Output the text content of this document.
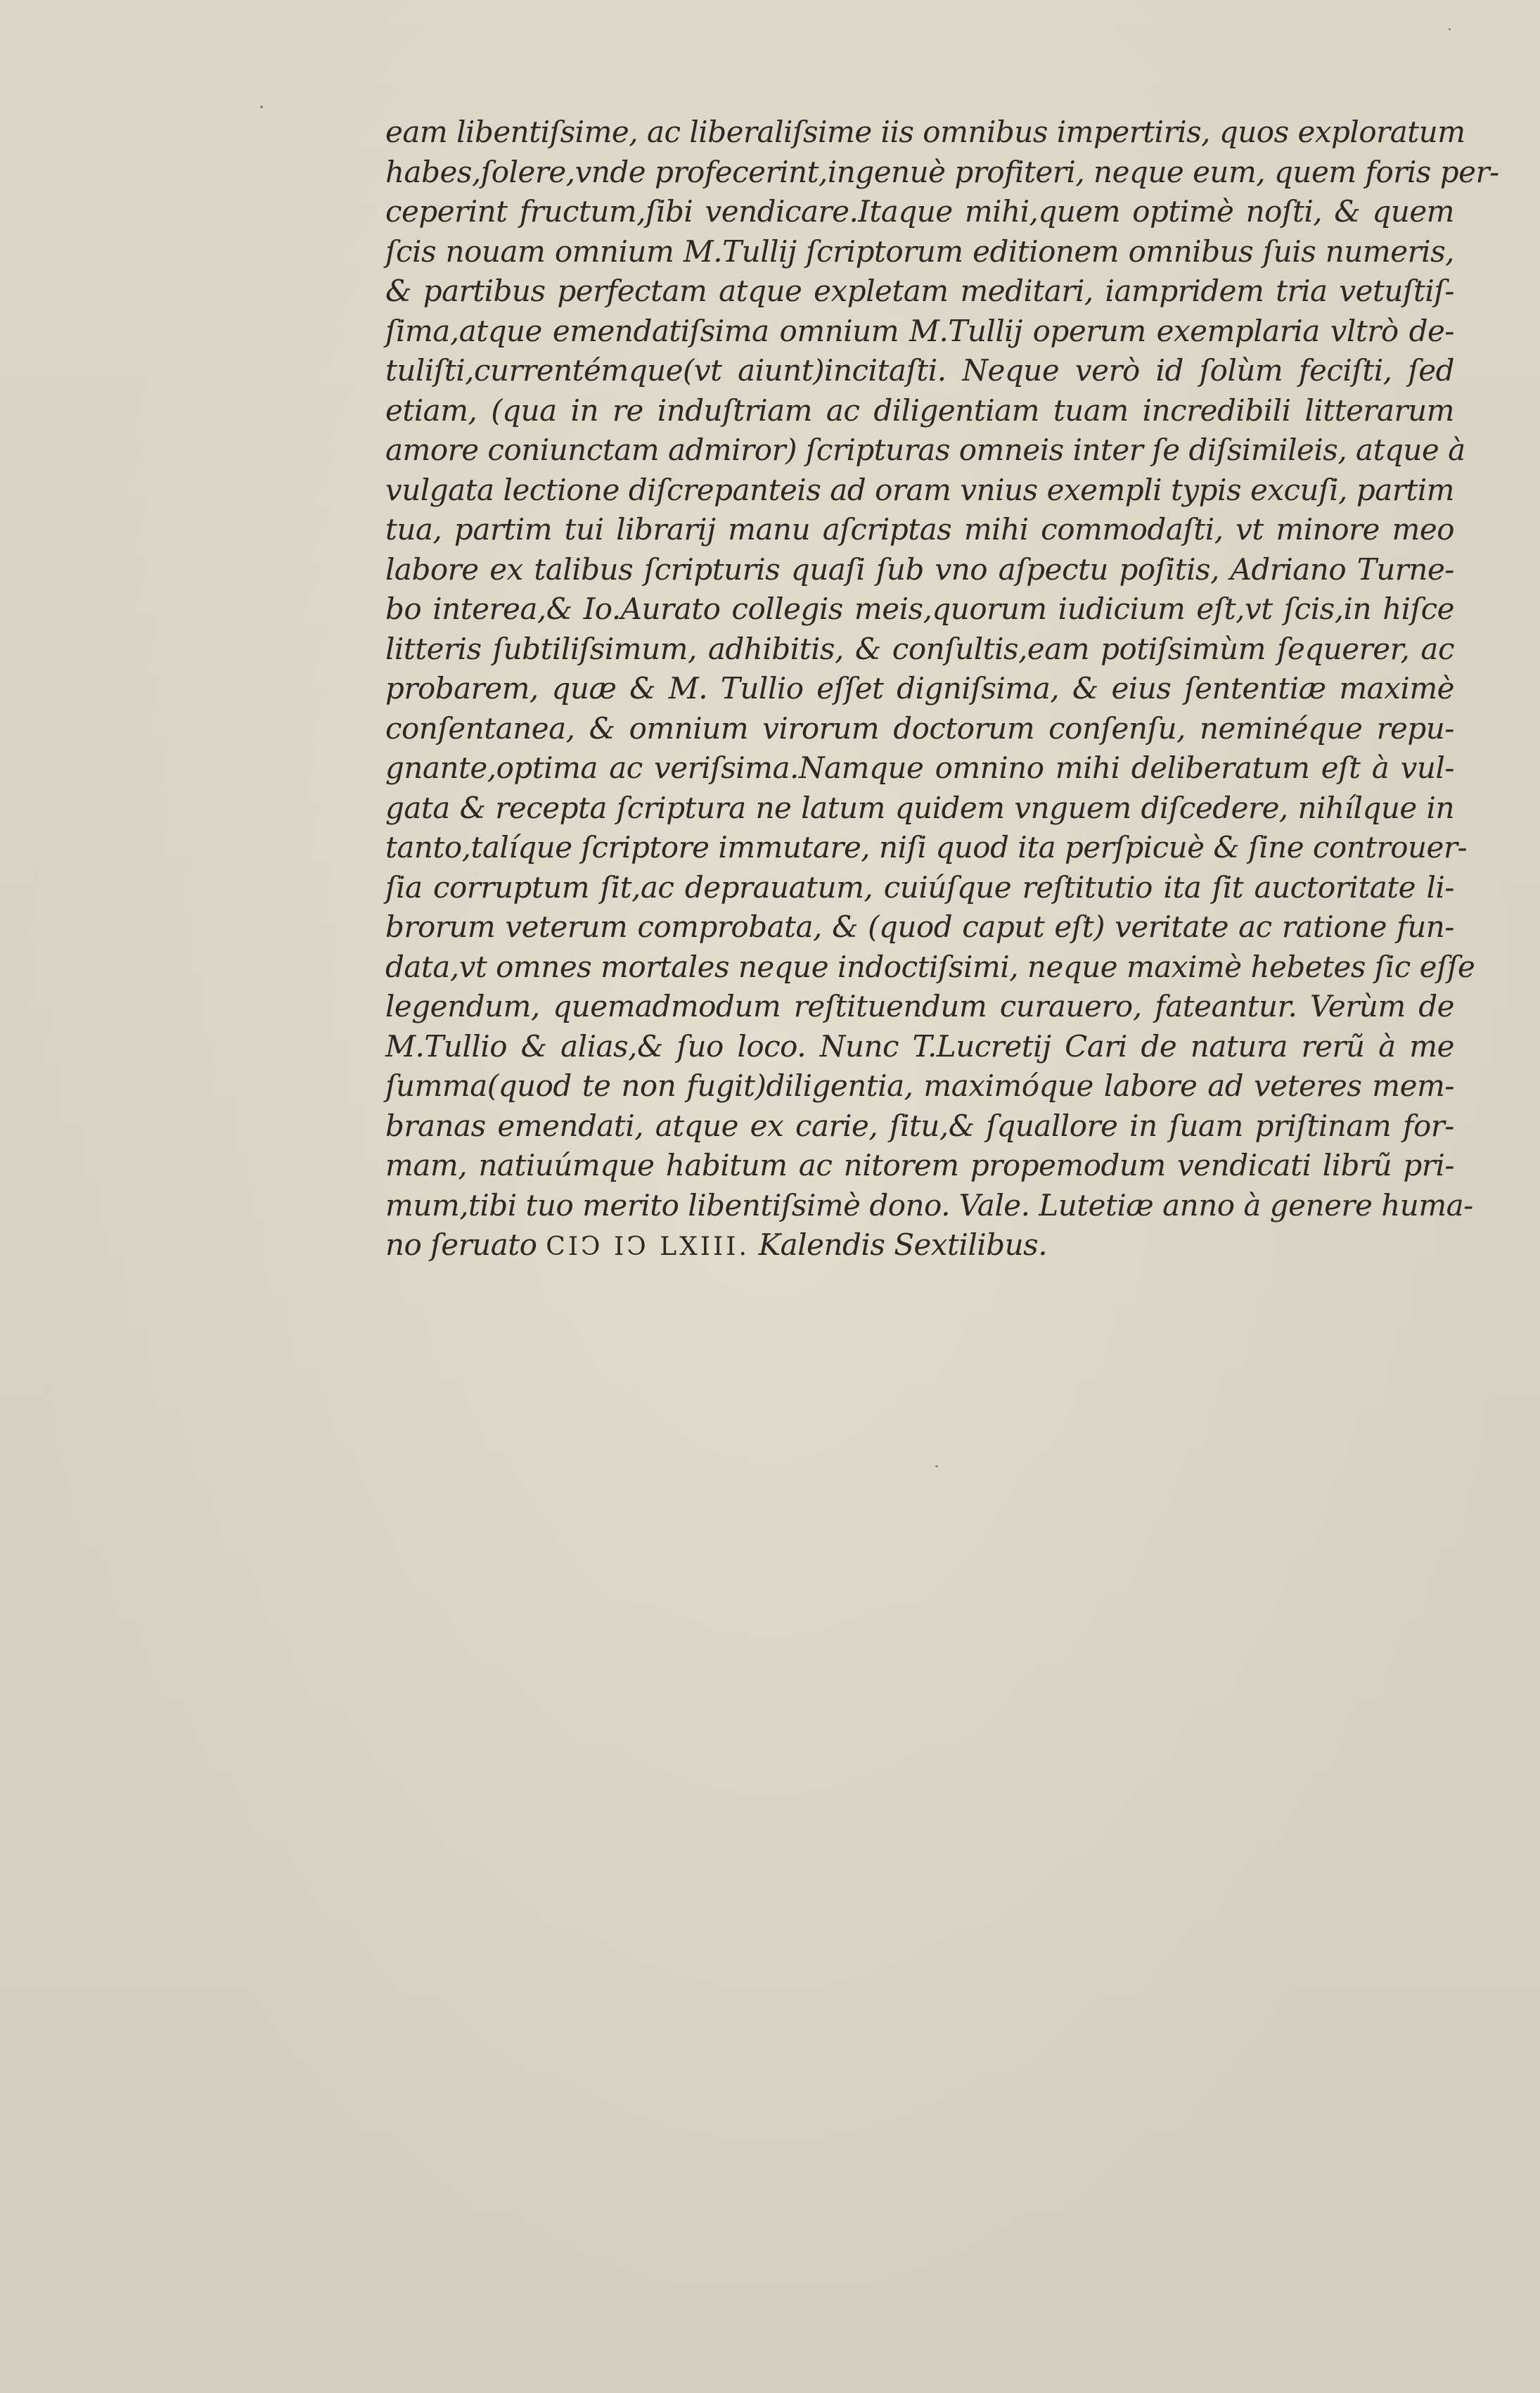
eam libentiſsime, ac liberaliſsime iis omnibus impertiris, quos exploratum
habes,ſolere,vnde profecerint,ingenuè profiteri, neque eum, quem foris per-
ceperint fructum,ſibi vendicare.Itaque mihi,quem optimè noſti, & quem
ſcis nouam omnium M.Tullij ſcriptorum editionem omnibus ſuis numeris,
& partibus perfectam atque expletam meditari, iampridem tria vetuſtiſ-
ſima,atque emendatiſsima omnium M.Tullij operum exemplaria vltrò de-
tuliſti,currentémque(vt aiunt)incitaſti. Neque verò id ſolùm feciſti, ſed
etiam, (qua in re induſtriam ac diligentiam tuam incredibili litterarum
amore coniunctam admiror) ſcripturas omneis inter ſe diſsimileis, atque à
vulgata lectione diſcrepanteis ad oram vnius exempli typis excuſi, partim
tua, partim tui librarij manu aſcriptas mihi commodaſti, vt minore meo
labore ex talibus ſcripturis quaſi ſub vno aſpectu poſitis, Adriano Turne-
bo interea,& Io.Aurato collegis meis,quorum iudicium eſt,vt ſcis,in hiſce
litteris ſubtiliſsimum, adhibitis, & conſultis,eam potiſsimùm ſequerer, ac
probarem, quæ & M. Tullio eſſet digniſsima, & eius ſententiæ maximè
conſentanea, & omnium virorum doctorum conſenſu, neminéque repu-
gnante,optima ac veriſsima.Namque omnino mihi deliberatum eſt à vul-
gata & recepta ſcriptura ne latum quidem vnguem diſcedere, nihílque in
tanto,talíque ſcriptore immutare, niſi quod ita perſpicuè & ſine controuer-
ſia corruptum ſit,ac deprauatum, cuiúſque reſtitutio ita ſit auctoritate li-
brorum veterum comprobata, & (quod caput eſt) veritate ac ratione fun-
data,vt omnes mortales neque indoctiſsimi, neque maximè hebetes ſic eſſe
legendum, quemadmodum reſtituendum curauero, fateantur. Verùm de
M.Tullio & alias,& ſuo loco. Nunc T.Lucretij Cari de natura rerũ à me
ſumma(quod te non fugit)diligentia, maximóque labore ad veteres mem-
branas emendati, atque ex carie, ſitu,& ſquallore in ſuam priſtinam for-
mam, natiuúmque habitum ac nitorem propemodum vendicati librũ pri-
mum,tibi tuo merito libentiſsimè dono. Vale. Lutetiæ anno à genere huma-
no ſeruato CIↃ IↃ LXIII. Kalendis Sextilibus.
